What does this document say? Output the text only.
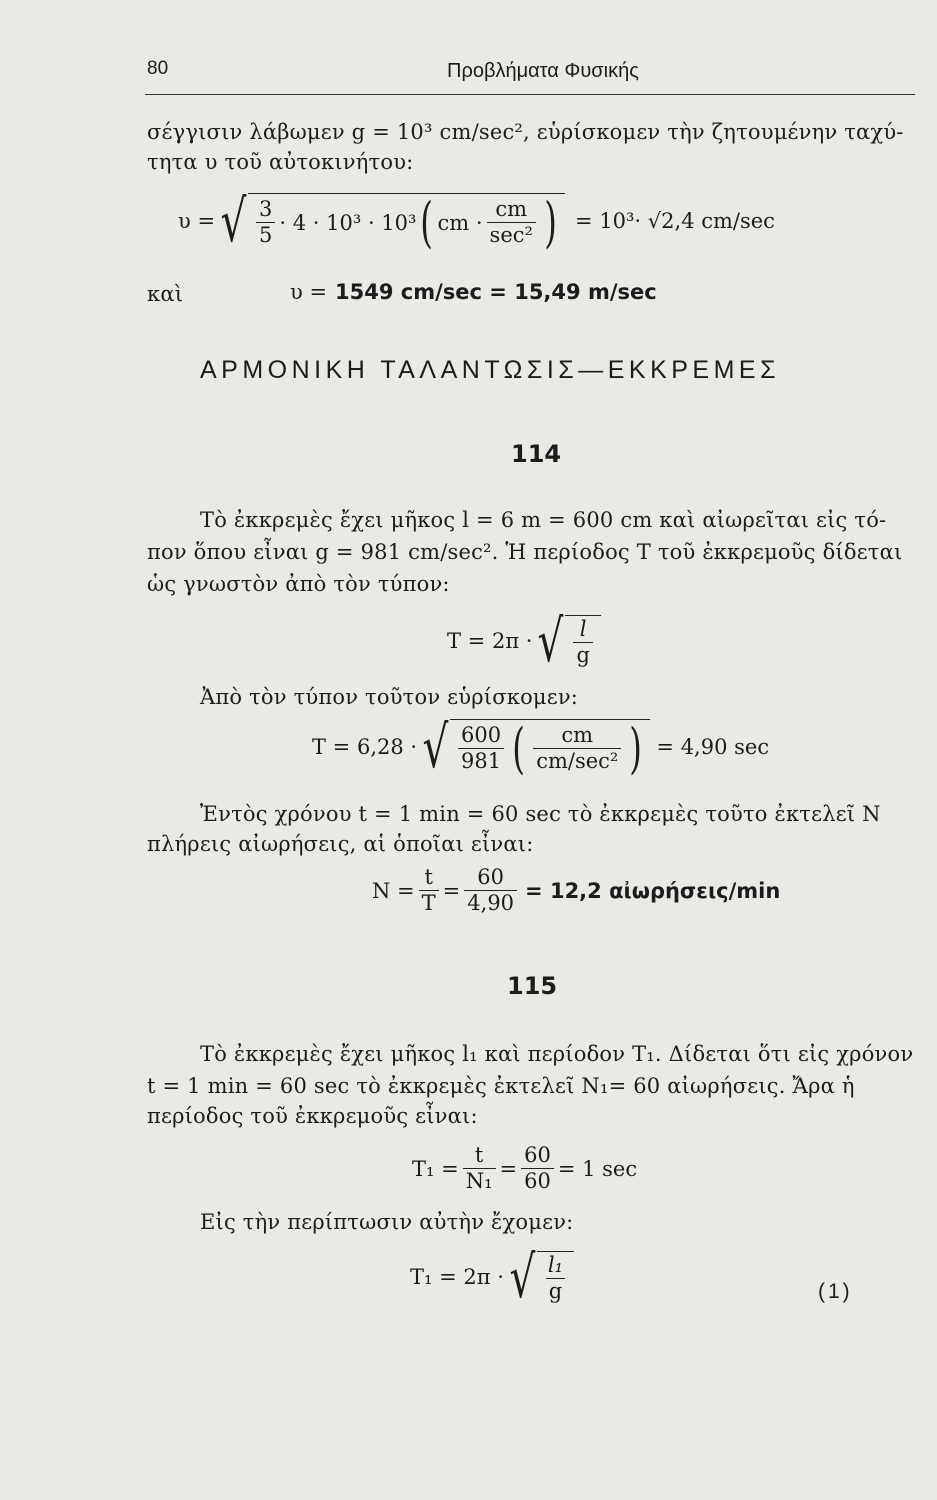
80	Προβλήματα Φυσικής
σέγγισιν λάβωμεν g = 10³ cm/sec², εὑρίσκομεν τὴν ζητουμένην ταχύ-
τητα υ τοῦ αὐτοκινήτου:
υ = √ $\frac{3}{5} \cdot 4 \cdot 10^3 \cdot 10^3$ ( cm · $\frac{cm}{\text{sec²}}$ ) = 10³· √2,4 cm/sec
καὶ	υ = 1549 cm/sec = 15,49 m/sec
ΑΡΜΟΝΙΚΗ ΤΑΛΑΝΤΩΣΙΣ—ΕΚΚΡΕΜΕΣ
114
Τὸ ἐκκρεμὲς ἔχει μῆκος l = 6 m = 600 cm καὶ αἰωρεῖται εἰς τό-
πον ὅπου εἶναι g = 981 cm/sec². Ἡ περίοδος T τοῦ ἐκκρεμοῦς δίδεται
ὡς γνωστὸν ἀπὸ τὸν τύπον:
T = 2π · √ $\frac{l}{g}$
Ἀπὸ τὸν τύπον τοῦτον εὑρίσκομεν:
T = 6,28 · √ $\frac{600}{981}$ ( $\frac{cm}{\text{cm/sec²}}$ ) = 4,90 sec
Ἐντὸς χρόνου t = 1 min = 60 sec τὸ ἐκκρεμὲς τοῦτο ἐκτελεῖ N
πλήρεις αἰωρήσεις, αἱ ὁποῖαι εἶναι:
$N = \frac{t}{T} = \frac{60}{4,90} = 12,2$ αἰωρήσεις/min
115
Τὸ ἐκκρεμὲς ἔχει μῆκος l₁ καὶ περίοδον T₁. Δίδεται ὅτι εἰς χρόνον
t = 1 min = 60 sec τὸ ἐκκρεμὲς ἐκτελεῖ N₁= 60 αἰωρήσεις. Ἄρα ἡ
περίοδος τοῦ ἐκκρεμοῦς εἶναι:
$T_1 = \frac{t}{\text{N₁}} = \frac{60}{60} = 1$ sec
Εἰς τὴν περίπτωσιν αὐτὴν ἔχομεν:
T₁ = 2π · √ $\frac{\text{l₁}}{g}$	(1)
